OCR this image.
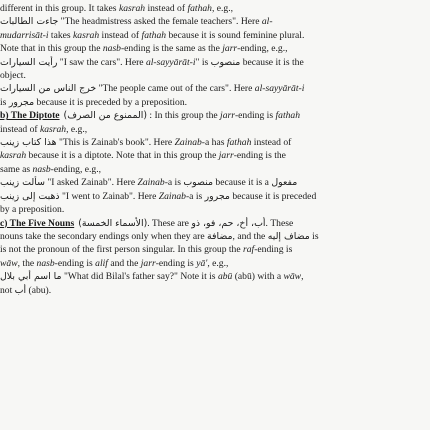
different in this group. It takes kasrah instead of fathah, e.g.,

جاءت الطالبات "The headmistress asked the female teachers". Here al-

mudarrisāt-i takes kasrah instead of fathah because it is sound feminine plural.

Note that in this group the nasb-ending is the same as the jarr-ending, e.g.,

رأيت السيارات "I saw the cars". Here al-sayyārāt-i" is منصوب because it is the

object.

خرج الناس من السيارات "The people came out of the cars". Here al-sayyārāt-i

is مجرور because it is preceded by a preposition.

b) The Diptote (الممنوع من الصرف) : In this group the jarr-ending is fathah

instead of kasrah, e.g.,

هذا كتاب زينب "This is Zainab's book". Here Zainab-a has fathah instead of

kasrah because it is a diptote. Note that in this group the jarr-ending is the

same as nasb-ending, e.g.,

سألت زينب "I asked Zainab". Here Zainab-a is منصوب because it is a مفعول

ذهبت إلى زينب "I went to Zainab". Here Zainab-a is مجرور because it is preceded

by a preposition.

c) The Five Nouns (الأسماء الخمسة). These are أب، أخ، حم، فو، ذو. These

nouns take the secondary endings only when they are مضافة, and the مضاف إليه is

is not the pronoun of the first person singular. In this group the raf-ending is

wāw, the nasb-ending is alif and the jarr-ending is yā', e.g.,

ما اسم أبي بلال "What did Bilal's father say?" Note it is abū (abū) with a wāw,

not أب (abu).
